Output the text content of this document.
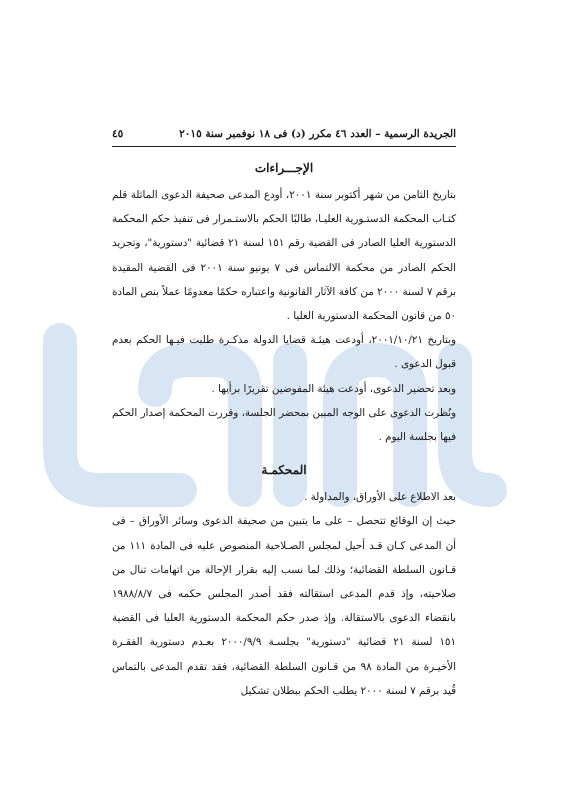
الجريدة الرسمية – العدد ٤٦ مكرر (د) فى ١٨ نوفمبر سنة ٢٠١٥
٤٥
الإجـــراءات

بتاريخ الثامن من شهر أكتوبر سنة ٢٠٠١، أودع المدعى صحيفة الدعوى الماثلة قلم كتـاب المحكمة الدستـورية العليـا، طالبًا الحكم بالاستـمرار فى تنفيذ حكم المحكمة الدستورية العليا الصادر فى القضية رقم ١٥١ لسنة ٢١ قضائية "دستورية"، وتجريد الحكم الصادر من محكمة الالتماس فى ٧ يونيو سنة ٢٠٠١ فى القضية المقيدة برقم ٧ لسنة ٢٠٠٠ من كافة الآثار القانونية واعتباره حكمًا معدومًا عملاً بنص المادة ٥٠ من قانون المحكمة الدستورية العليا .

وبتاريخ ٢٠٠١/١٠/٢١، أودعت هيئـة قضايا الدولة مذكـرة طلبت فيـها الحكم بعدم قبول الدعوى .

وبعد تحضير الدعوى، أودعت هيئة المفوضين تقريرًا برأيها .

ونُظرت الدعوى على الوجه المبين بمحضر الجلسة، وقررت المحكمة إصدار الحكم فيها بجلسة اليوم .

المحكمـة

بعد الاطلاع على الأوراق، والمداولة .

حيث إن الوقائع تتحصل – على ما يتبين من صحيفة الدعوى وسائر الأوراق – فى أن المدعى كـان قـد أحيل لمجلس الصـلاحية المنصوص عليه فى المادة ١١١ من قـانون السلطة القضائية؛ وذلك لما نسب إليه بقرار الإحالة من اتهامات تنال من صلاحيته، وإذ قدم المدعى استقالته فقد أصدر المجلس حكمه فى ١٩٨٨/٨/٧ بانقضاء الدعوى بالاستقالة. وإذ صدر حكم المحكمة الدستورية العليا فى القضية ١٥١ لسنة ٢١ قضائية "دستورية" بجلسـة ٢٠٠٠/٩/٩ بعـدم دستورية الفقـرة الأخيـرة من المادة ٩٨ من قـانون السلطة القضائية، فقد تقدم المدعى بالتماس قُيد برقم ٧ لسنة ٢٠٠٠ يطلب الحكم ببطلان تشكيل
